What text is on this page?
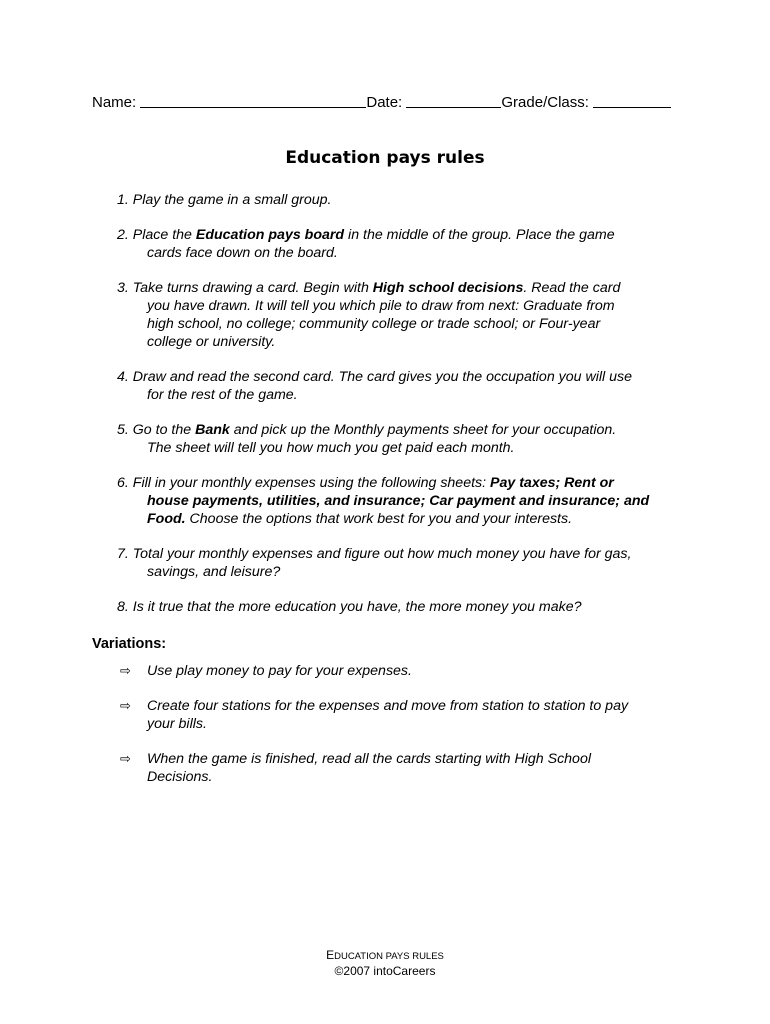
Name:	Date:	Grade/Class:
Education pays rules
1. Play the game in a small group.
2. Place the Education pays board in the middle of the group. Place the game
cards face down on the board.
3. Take turns drawing a card. Begin with High school decisions. Read the card
you have drawn. It will tell you which pile to draw from next: Graduate from
high school, no college; community college or trade school; or Four-year
college or university.
4. Draw and read the second card. The card gives you the occupation you will use
for the rest of the game.
5. Go to the Bank and pick up the Monthly payments sheet for your occupation.
The sheet will tell you how much you get paid each month.
6. Fill in your monthly expenses using the following sheets: Pay taxes; Rent or
house payments, utilities, and insurance; Car payment and insurance; and
Food. Choose the options that work best for you and your interests.
7. Total your monthly expenses and figure out how much money you have for gas,
savings, and leisure?
8. Is it true that the more education you have, the more money you make?
Variations:
⇨ Use play money to pay for your expenses.
⇨ Create four stations for the expenses and move from station to station to pay
your bills.
⇨ When the game is finished, read all the cards starting with High School
Decisions.
EDUCATION PAYS RULES
©2007 intoCareers
